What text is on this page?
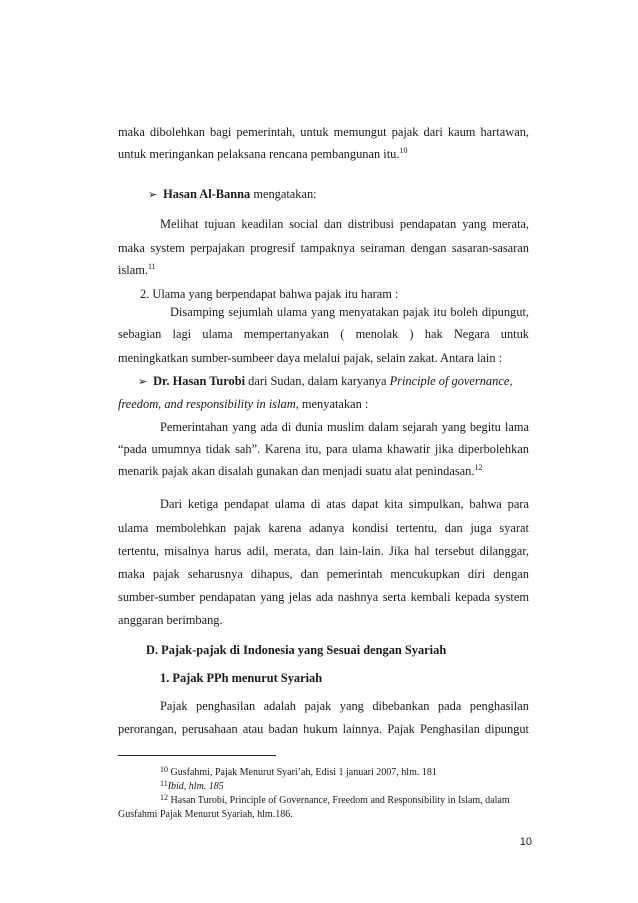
maka dibolehkan bagi pemerintah, untuk memungut pajak dari kaum hartawan,
untuk meringankan pelaksana rencana pembangunan itu.$^{10}$
➢ Hasan Al-Banna mengatakan:
Melihat tujuan keadilan social dan distribusi pendapatan yang merata,
maka system perpajakan progresif tampaknya seiraman dengan sasaran-sasaran
islam.$^{11}$
2. Ulama yang berpendapat bahwa pajak itu haram :
Disamping sejumlah ulama yang menyatakan pajak itu boleh dipungut,
sebagian lagi ulama mempertanyakan ( menolak ) hak Negara untuk
meningkatkan sumber-sumbeer daya melalui pajak, selain zakat. Antara lain :
➢ Dr. Hasan Turobi dari Sudan, dalam karyanya Principle of governance,
freedom, and responsibility in islam, menyatakan :
Pemerintahan yang ada di dunia muslim dalam sejarah yang begitu lama
“pada umumnya tidak sah”. Karena itu, para ulama khawatir jika diperbolehkan
menarik pajak akan disalah gunakan dan menjadi suatu alat penindasan.$^{12}$
Dari ketiga pendapat ulama di atas dapat kita simpulkan, bahwa para
ulama membolehkan pajak karena adanya kondisi tertentu, dan juga syarat
tertentu, misalnya harus adil, merata, dan lain-lain. Jika hal tersebut dilanggar,
maka pajak seharusnya dihapus, dan pemerintah mencukupkan diri dengan
sumber-sumber pendapatan yang jelas ada nashnya serta kembali kepada system
anggaran berimbang.
D. Pajak-pajak di Indonesia yang Sesuai dengan Syariah
1. Pajak PPh menurut Syariah
Pajak penghasilan adalah pajak yang dibebankan pada penghasilan
perorangan, perusahaan atau badan hukum lainnya. Pajak Penghasilan dipungut
$^{10}$ Gusfahmi, Pajak Menurut Syari’ah, Edisi 1 januari 2007, hlm. 181
$^{11}$Ibid, hlm. 185
$^{12}$ Hasan Turobi, Principle of Governance, Freedom and Responsibility in Islam, dalam
Gusfahmi Pajak Menurut Syariah, hlm.186.
10
